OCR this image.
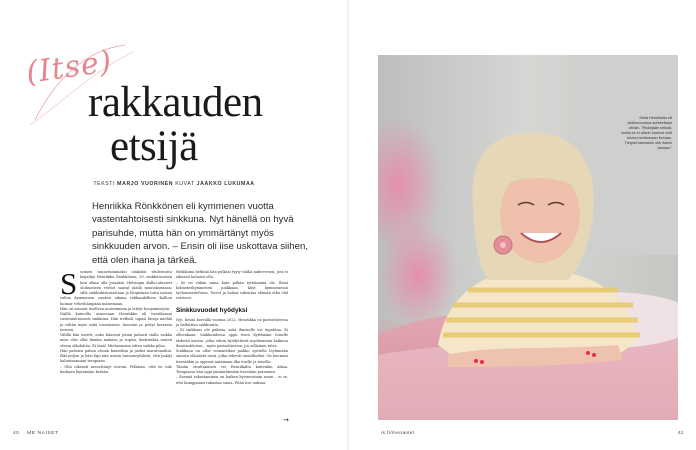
(Itse)
rakkauden
etsijä
TEKSTI MARJO VUORINEN KUVAT JAAKKO LUKUMAA
Henriikka Rönkkönen eli kymmenen vuotta vastentahtoisesti sinkkuna. Nyt hänellä on hyvä parisuhde, mutta hän on ymmärtänyt myös sinkkuuden arvon. – Ensin oli iise uskottava siihen, että olen ihana ja tärkeä.

Suomen tunnetuimmaksi sinkuksi tituleerattu kirjailija Henriikka Rönkkönen, 39, sinkkuvuosien koti alkaa olla jossakin. Helsingin Kallio-alueiset olohuoneen verhot saavat jäädä muutoksenaan, sillä sinkkuhistoriastaan ja blogistaan tuttu naisen valtaa kymmenen vuoden aikana rakkaudelleen Kallion huimar veheshämpään maisemaan.

Hän on ostanut itselleen muisemmen ja lehtyt hoopumistyön.

Näillä kuinoilla asuessaan Henriikka eli vuosikausia vastentahtoisesti sinkkuna. Hän treffaili, tapasi hivoja miehiä ja vähän myös niitä toiseniaisia. Innostui ja pettyi kerrasta toiseen.

Välillä hän meivti, onko hänessä jotain pahasti vialla vaikka mies olisi ollut ihanka mukava ja sopiva, kinttirakäs naisvä olessa alkahdota. Ei tänä! Miehuomisia sitten vaikka pilaa.

Hän pahensi pahan olosan baareihin ja juoksi maratonaihin. Ikki puljon ja hävi läpi niin useria tunnuneyhdistä, että pakiyi haluntaansaan terapiaan.

– Olin oikeasti menettänyt toivoni. Pelkäsin, että en tule koskaan löytämään ketään.

Heikkoina hetkinä hän pelkäsi tyyty vääkä nabrevesen, joss ei oikeasti haluaisi olla.

– Se on väkän sama kuin pitkän tyttöinnäni ole. Ilmei kolmenvihymmenen paikkaan, käyt kymmenessä työhaastattelussa. Toivot ja haluat rakentaa elämää etkä eläl ratstavn.

Sinkkuvuodet hyödyksi

Nyt, kesän korvalla vuonna 2022, Henriikka on parisuhteessa ja hellutttaa sinkkuutta.

– Ei sinkkuus ole pakista, mitä ihmiselle voi tapahtua. Ei olleenkaan. Sinkkuudessa oppii itsen ilyttämäni toiselle tärkeää asioita, jotka sitten hyödyttävät myöhemmin kaikissa ihmissuhteissa – myös parisuhteessa, jos sellainen tulee.

Sinkkuna on ollut voimavtikisi paikko opetella löytämään omasta elämästä asiat, jotka tekevät onnelliseksi. On huomasi itsensäkin ja oppinut antamaan ilka itselle ja toiselle.

Tämän oivaltaminen vei Henriikalta kuitenkin aikaa. Terapiassa hän oppi ymmärtämään itsestään parenmin.

– Esenaä rakastaminen on haiken hyvinvoinnin avain – ei se, että kumppanisi rakastaa sinua. Pitää itse auksua

→
Sekä Henriikalla ett sinkkuvuosina suhteeltaan vähän. "Riskejään seksiä, mutta se ei aikein tuminut sollt tuima merttomaan kenoas. Tietysti haerasitin olik ihanni kanssa."
40 ME NAISET	is.fi/menaiset	41
